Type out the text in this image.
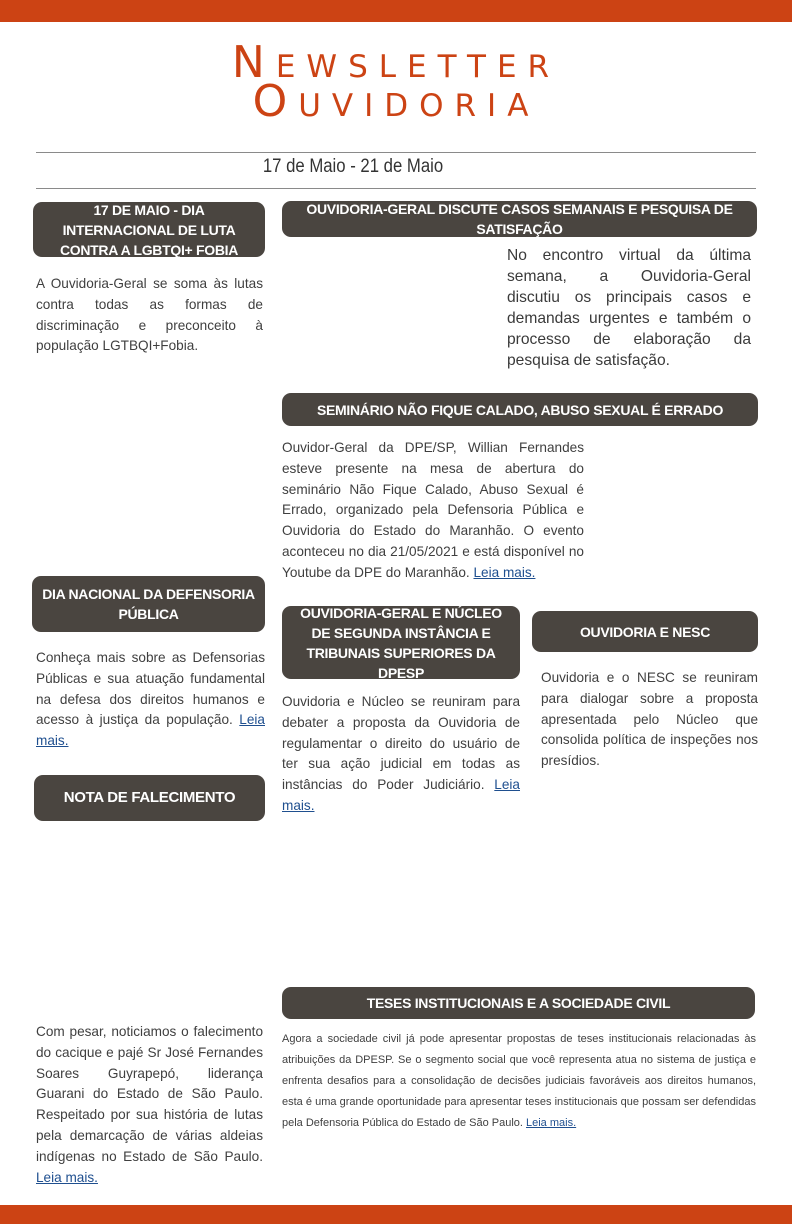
Newsletter
Ouvidoria
17 de Maio - 21 de Maio
17 DE MAIO - DIA INTERNACIONAL DE LUTA CONTRA A LGBTQI+ FOBIA

A Ouvidoria-Geral se soma às lutas contra todas as formas de discriminação e preconceito à população LGTBQI+Fobia.

OUVIDORIA-GERAL DISCUTE CASOS SEMANAIS E PESQUISA DE SATISFAÇÃO

No encontro virtual da última semana, a Ouvidoria-Geral discutiu os principais casos e demandas urgentes e também o processo de elaboração da pesquisa de satisfação.

SEMINÁRIO NÃO FIQUE CALADO, ABUSO SEXUAL É ERRADO

Ouvidor-Geral da DPE/SP, Willian Fernandes esteve presente na mesa de abertura do seminário Não Fique Calado, Abuso Sexual é Errado, organizado pela Defensoria Pública e Ouvidoria do Estado do Maranhão. O evento aconteceu no dia 21/05/2021 e está disponível no Youtube da DPE do Maranhão. Leia mais.

DIA NACIONAL DA DEFENSORIA PÚBLICA

Conheça mais sobre as Defensorias Públicas e sua atuação fundamental na defesa dos direitos humanos e acesso à justiça da população. Leia mais.

OUVIDORIA-GERAL E NÚCLEO DE SEGUNDA INSTÂNCIA E TRIBUNAIS SUPERIORES DA DPESP

Ouvidoria e Núcleo se reuniram para debater a proposta da Ouvidoria de regulamentar o direito do usuário de ter sua ação judicial em todas as instâncias do Poder Judiciário. Leia mais.

OUVIDORIA E NESC

Ouvidoria e o NESC se reuniram para dialogar sobre a proposta apresentada pelo Núcleo que consolida política de inspeções nos presídios.

NOTA DE FALECIMENTO

Com pesar, noticiamos o falecimento do cacique e pajé Sr José Fernandes Soares Guyrapepó, liderança Guarani do Estado de São Paulo. Respeitado por sua história de lutas pela demarcação de várias aldeias indígenas no Estado de São Paulo. Leia mais.

TESES INSTITUCIONAIS E A SOCIEDADE CIVIL

Agora a sociedade civil já pode apresentar propostas de teses institucionais relacionadas às atribuições da DPESP. Se o segmento social que você representa atua no sistema de justiça e enfrenta desafios para a consolidação de decisões judiciais favoráveis aos direitos humanos, esta é uma grande oportunidade para apresentar teses institucionais que possam ser defendidas pela Defensoria Pública do Estado de São Paulo. Leia mais.
